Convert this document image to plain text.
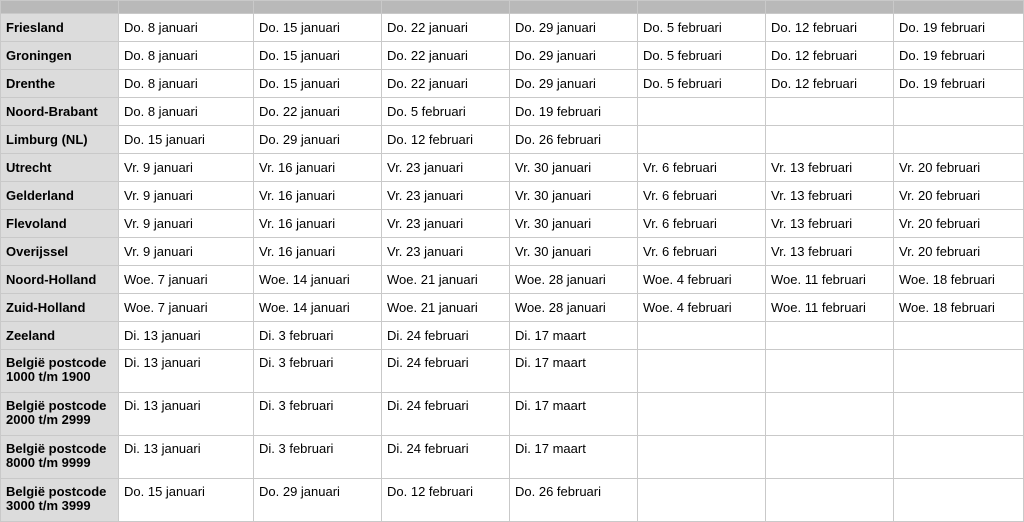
Friesland	Do. 8 januari	Do. 15 januari	Do. 22 januari	Do. 29 januari	Do. 5 februari	Do. 12 februari	Do. 19 februari
Groningen	Do. 8 januari	Do. 15 januari	Do. 22 januari	Do. 29 januari	Do. 5 februari	Do. 12 februari	Do. 19 februari
Drenthe	Do. 8 januari	Do. 15 januari	Do. 22 januari	Do. 29 januari	Do. 5 februari	Do. 12 februari	Do. 19 februari
Noord-Brabant	Do. 8 januari	Do. 22 januari	Do. 5 februari	Do. 19 februari			
Limburg (NL)	Do. 15 januari	Do. 29 januari	Do. 12 februari	Do. 26 februari			
Utrecht	Vr. 9 januari	Vr. 16 januari	Vr. 23 januari	Vr. 30 januari	Vr. 6 februari	Vr. 13 februari	Vr. 20 februari
Gelderland	Vr. 9 januari	Vr. 16 januari	Vr. 23 januari	Vr. 30 januari	Vr. 6 februari	Vr. 13 februari	Vr. 20 februari
Flevoland	Vr. 9 januari	Vr. 16 januari	Vr. 23 januari	Vr. 30 januari	Vr. 6 februari	Vr. 13 februari	Vr. 20 februari
Overijssel	Vr. 9 januari	Vr. 16 januari	Vr. 23 januari	Vr. 30 januari	Vr. 6 februari	Vr. 13 februari	Vr. 20 februari
Noord-Holland	Woe. 7 januari	Woe. 14 januari	Woe. 21 januari	Woe. 28 januari	Woe. 4 februari	Woe. 11 februari	Woe. 18 februari
Zuid-Holland	Woe. 7 januari	Woe. 14 januari	Woe. 21 januari	Woe. 28 januari	Woe. 4 februari	Woe. 11 februari	Woe. 18 februari
Zeeland	Di. 13 januari	Di. 3 februari	Di. 24 februari	Di. 17 maart			
België postcode 1000 t/m 1900	Di. 13 januari	Di. 3 februari	Di. 24 februari	Di. 17 maart			
België postcode 2000 t/m 2999	Di. 13 januari	Di. 3 februari	Di. 24 februari	Di. 17 maart			
België postcode 8000 t/m 9999	Di. 13 januari	Di. 3 februari	Di. 24 februari	Di. 17 maart			
België postcode 3000 t/m 3999	Do. 15 januari	Do. 29 januari	Do. 12 februari	Do. 26 februari			
